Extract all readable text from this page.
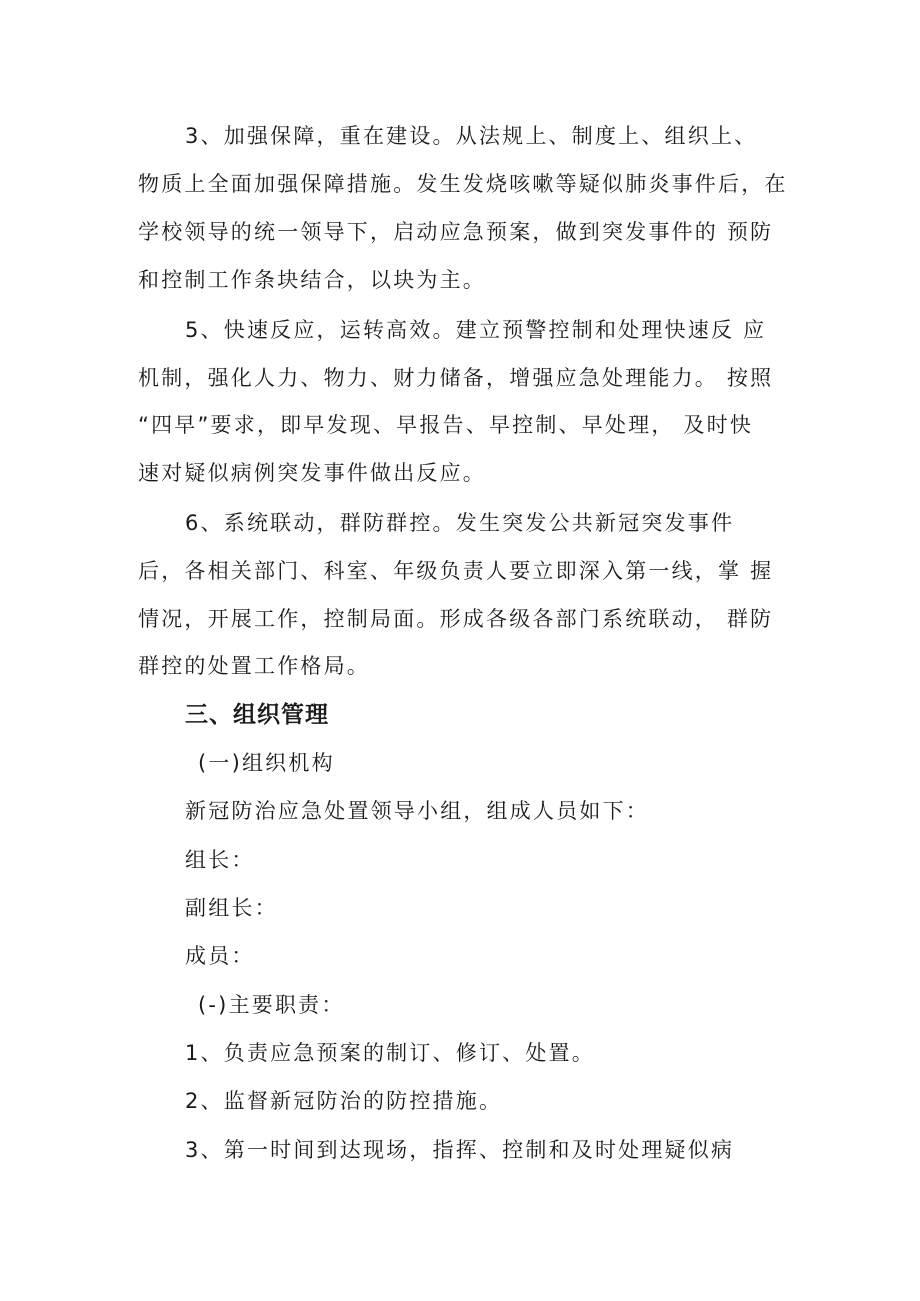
3、加强保障，重在建设。从法规上、制度上、组织上、
物质上全面加强保障措施。发生发烧咳嗽等疑似肺炎事件后，在
学校领导的统一领导下，启动应急预案，做到突发事件的 预防
和控制工作条块结合，以块为主。
5、快速反应，运转高效。建立预警控制和处理快速反 应
机制，强化人力、物力、财力储备，增强应急处理能力。 按照
“四早”要求，即早发现、早报告、早控制、早处理， 及时快
速对疑似病例突发事件做出反应。
6、系统联动，群防群控。发生突发公共新冠突发事件
后，各相关部门、科室、年级负责人要立即深入第一线，掌 握
情况，开展工作，控制局面。形成各级各部门系统联动， 群防
群控的处置工作格局。
三、组织管理
(一)组织机构
新冠防治应急处置领导小组，组成人员如下：
组长：
副组长：
成员：
(-)主要职责：
1、负责应急预案的制订、修订、处置。
2、监督新冠防治的防控措施。
3、第一时间到达现场，指挥、控制和及时处理疑似病
